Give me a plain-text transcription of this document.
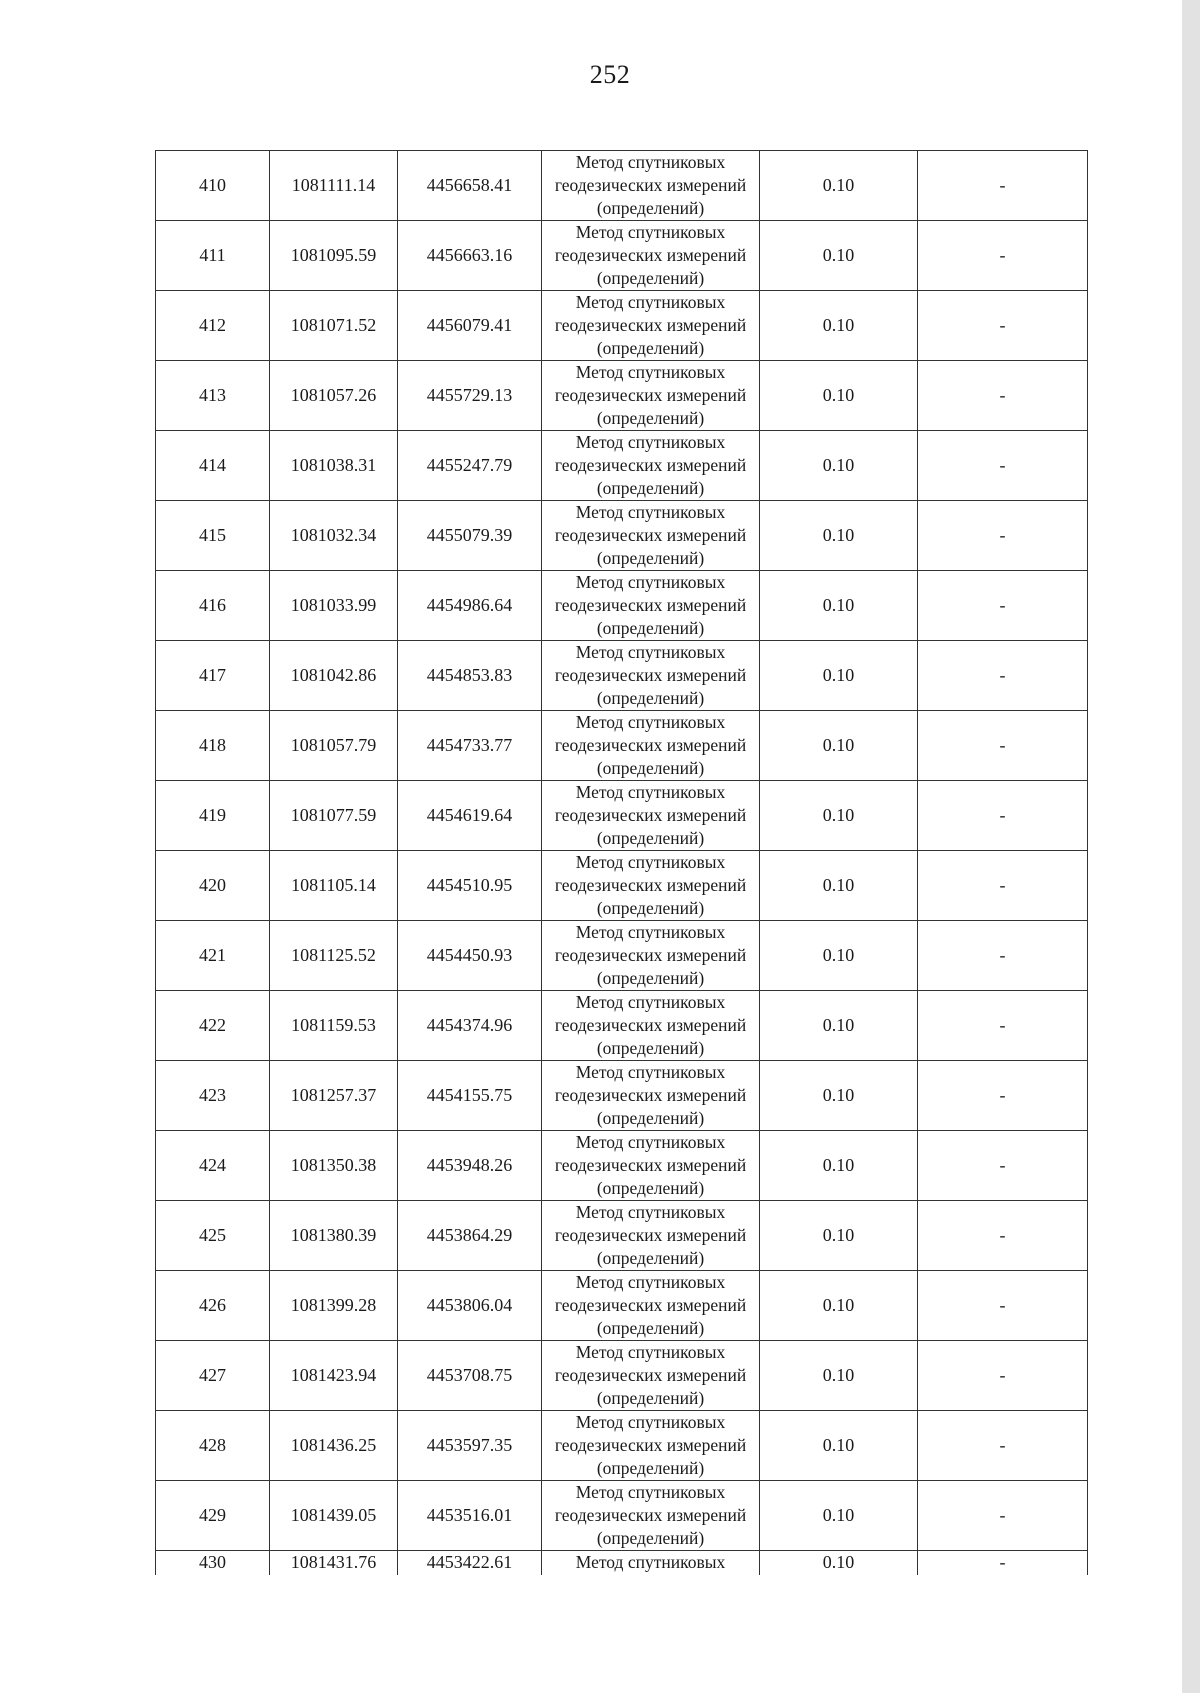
252
410	1081111.14	4456658.41	Метод спутниковых
геодезических измерений
(определений)	0.10	-
411	1081095.59	4456663.16	Метод спутниковых
геодезических измерений
(определений)	0.10	-
412	1081071.52	4456079.41	Метод спутниковых
геодезических измерений
(определений)	0.10	-
413	1081057.26	4455729.13	Метод спутниковых
геодезических измерений
(определений)	0.10	-
414	1081038.31	4455247.79	Метод спутниковых
геодезических измерений
(определений)	0.10	-
415	1081032.34	4455079.39	Метод спутниковых
геодезических измерений
(определений)	0.10	-
416	1081033.99	4454986.64	Метод спутниковых
геодезических измерений
(определений)	0.10	-
417	1081042.86	4454853.83	Метод спутниковых
геодезических измерений
(определений)	0.10	-
418	1081057.79	4454733.77	Метод спутниковых
геодезических измерений
(определений)	0.10	-
419	1081077.59	4454619.64	Метод спутниковых
геодезических измерений
(определений)	0.10	-
420	1081105.14	4454510.95	Метод спутниковых
геодезических измерений
(определений)	0.10	-
421	1081125.52	4454450.93	Метод спутниковых
геодезических измерений
(определений)	0.10	-
422	1081159.53	4454374.96	Метод спутниковых
геодезических измерений
(определений)	0.10	-
423	1081257.37	4454155.75	Метод спутниковых
геодезических измерений
(определений)	0.10	-
424	1081350.38	4453948.26	Метод спутниковых
геодезических измерений
(определений)	0.10	-
425	1081380.39	4453864.29	Метод спутниковых
геодезических измерений
(определений)	0.10	-
426	1081399.28	4453806.04	Метод спутниковых
геодезических измерений
(определений)	0.10	-
427	1081423.94	4453708.75	Метод спутниковых
геодезических измерений
(определений)	0.10	-
428	1081436.25	4453597.35	Метод спутниковых
геодезических измерений
(определений)	0.10	-
429	1081439.05	4453516.01	Метод спутниковых
геодезических измерений
(определений)	0.10	-
430	1081431.76	4453422.61	Метод спутниковых	0.10	-
